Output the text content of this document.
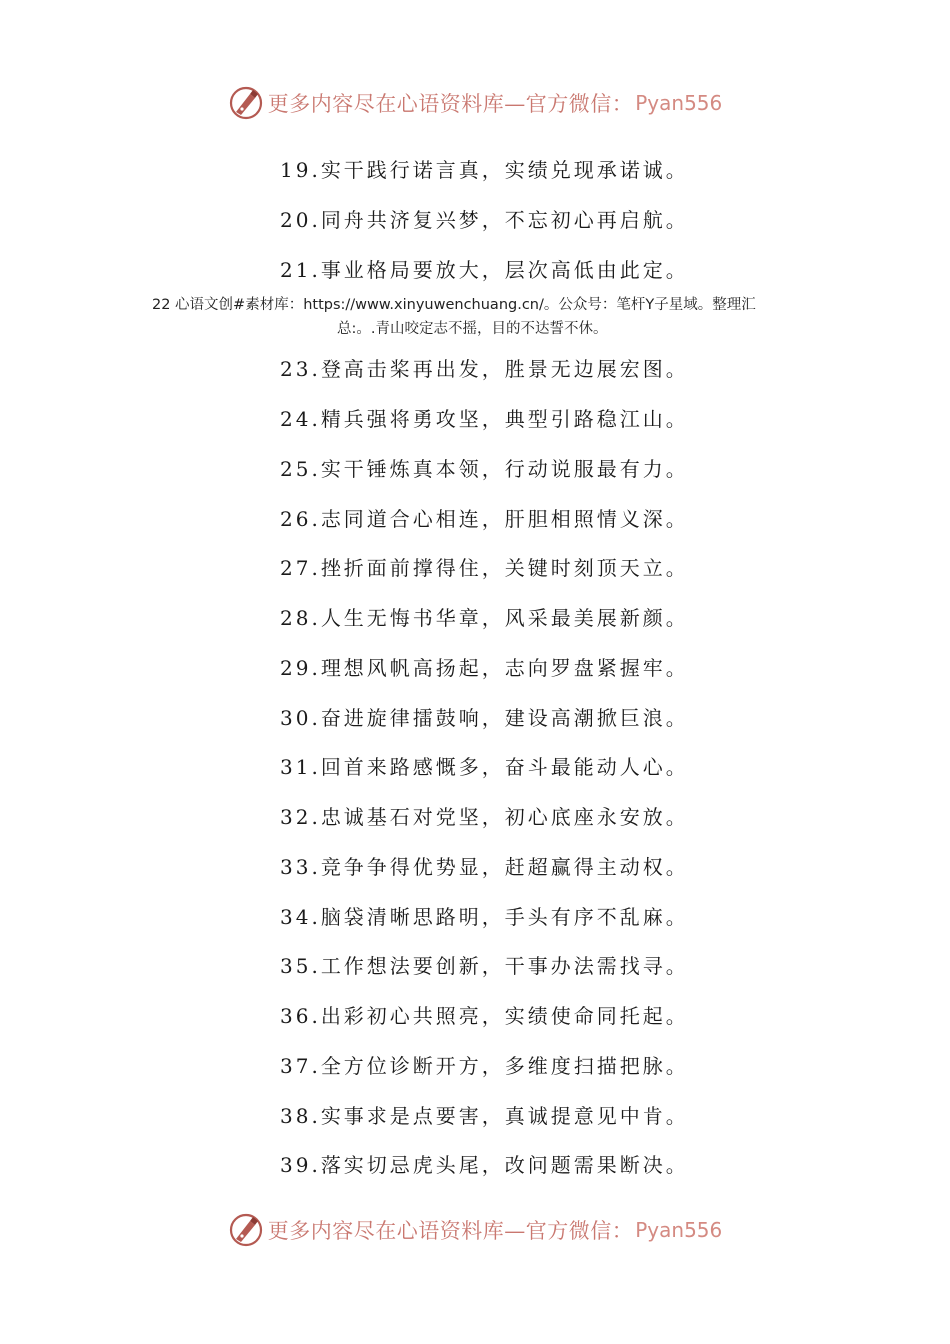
更多内容尽在心语资料库—官方微信： Pyan556
19.实干践行诺言真，实绩兑现承诺诚。
20.同舟共济复兴梦，不忘初心再启航。
21.事业格局要放大，层次高低由此定。
22 心语文创#素材库：https://www.xinyuwenchuang.cn/。公众号：笔杆Y子星域。整理汇
总:。.青山咬定志不摇，目的不达誓不休。
23.登高击桨再出发，胜景无边展宏图。
24.精兵强将勇攻坚，典型引路稳江山。
25.实干锤炼真本领，行动说服最有力。
26.志同道合心相连，肝胆相照情义深。
27.挫折面前撑得住，关键时刻顶天立。
28.人生无悔书华章，风采最美展新颜。
29.理想风帆高扬起，志向罗盘紧握牢。
30.奋进旋律擂鼓响，建设高潮掀巨浪。
31.回首来路感慨多，奋斗最能动人心。
32.忠诚基石对党坚，初心底座永安放。
33.竞争争得优势显，赶超赢得主动权。
34.脑袋清晰思路明，手头有序不乱麻。
35.工作想法要创新，干事办法需找寻。
36.出彩初心共照亮，实绩使命同托起。
37.全方位诊断开方，多维度扫描把脉。
38.实事求是点要害，真诚提意见中肯。
39.落实切忌虎头尾，改问题需果断决。
更多内容尽在心语资料库—官方微信： Pyan556
